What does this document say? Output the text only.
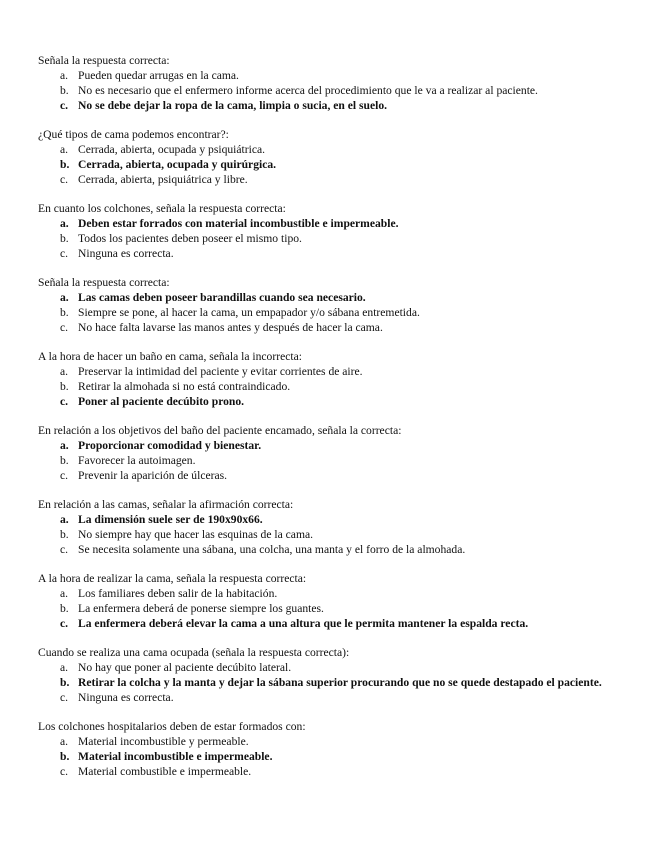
Señala la respuesta correcta:
a. Pueden quedar arrugas en la cama.
b. No es necesario que el enfermero informe acerca del procedimiento que le va a realizar al paciente.
c. No se debe dejar la ropa de la cama, limpia o sucia, en el suelo.
¿Qué tipos de cama podemos encontrar?:
a. Cerrada, abierta, ocupada y psiquiátrica.
b. Cerrada, abierta, ocupada y quirúrgica.
c. Cerrada, abierta, psiquiátrica y libre.
En cuanto los colchones, señala la respuesta correcta:
a. Deben estar forrados con material incombustible e impermeable.
b. Todos los pacientes deben poseer el mismo tipo.
c. Ninguna es correcta.
Señala la respuesta correcta:
a. Las camas deben poseer barandillas cuando sea necesario.
b. Siempre se pone, al hacer la cama, un empapador y/o sábana entremetida.
c. No hace falta lavarse las manos antes y después de hacer la cama.
A la hora de hacer un baño en cama, señala la incorrecta:
a. Preservar la intimidad del paciente y evitar corrientes de aire.
b. Retirar la almohada si no está contraindicado.
c. Poner al paciente decúbito prono.
En relación a los objetivos del baño del paciente encamado, señala la correcta:
a. Proporcionar comodidad y bienestar.
b. Favorecer la autoimagen.
c. Prevenir la aparición de úlceras.
En relación a las camas, señalar la afirmación correcta:
a. La dimensión suele ser de 190x90x66.
b. No siempre hay que hacer las esquinas de la cama.
c. Se necesita solamente una sábana, una colcha, una manta y el forro de la almohada.
A la hora de realizar la cama, señala la respuesta correcta:
a. Los familiares deben salir de la habitación.
b. La enfermera deberá de ponerse siempre los guantes.
c. La enfermera deberá elevar la cama a una altura que le permita mantener la espalda recta.
Cuando se realiza una cama ocupada (señala la respuesta correcta):
a. No hay que poner al paciente decúbito lateral.
b. Retirar la colcha y la manta y dejar la sábana superior procurando que no se quede destapado el paciente.
c. Ninguna es correcta.
Los colchones hospitalarios deben de estar formados con:
a. Material incombustible y permeable.
b. Material incombustible e impermeable.
c. Material combustible e impermeable.
